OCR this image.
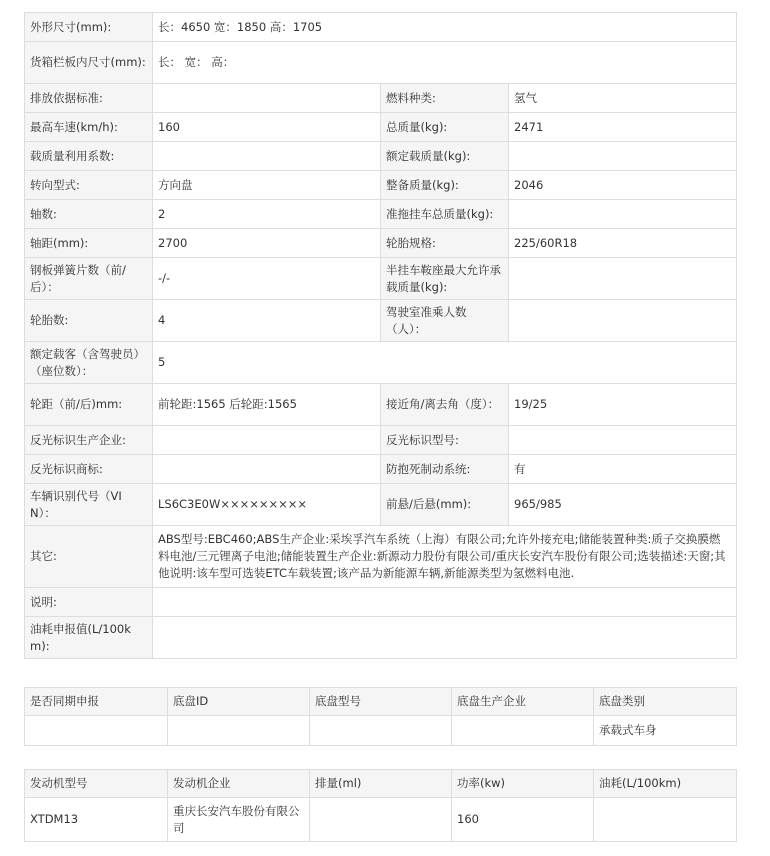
外形尺寸(mm):	长：4650 宽：1850 高：1705		
货箱栏板内尺寸(mm):	长： 宽： 高：		
排放依据标准:		燃料种类:	氢气
最高车速(km/h):	160	总质量(kg):	2471
载质量利用系数:		额定载质量(kg):	
转向型式:	方向盘	整备质量(kg):	2046
轴数:	2	准拖挂车总质量(kg):	
轴距(mm):	2700	轮胎规格:	225/60R18
钢板弹簧片数（前/后）：	-/-	半挂车鞍座最大允许承载质量(kg):	
轮胎数:	4	驾驶室准乘人数（人）：	
额定载客（含驾驶员）（座位数）：	5		
轮距（前/后)mm:	前轮距:1565 后轮距:1565	接近角/离去角（度）：	19/25
反光标识生产企业:		反光标识型号:	
反光标识商标:		防抱死制动系统:	有
车辆识别代号（VIN）：	LS6C3E0W×××××××××	前悬/后悬(mm):	965/985
其它:	ABS型号:EBC460;ABS生产企业:采埃孚汽车系统（上海）有限公司;允许外接充电;储能装置种类:质子交换膜燃料电池/三元锂离子电池;储能装置生产企业:新源动力股份有限公司/重庆长安汽车股份有限公司;选装描述:天窗;其他说明:该车型可选装ETC车载装置;该产品为新能源车辆,新能源类型为氢燃料电池.		
说明:			
油耗申报值(L/100km):			
是否同期申报	底盘ID	底盘型号	底盘生产企业	底盘类别
				承载式车身
发动机型号	发动机企业	排量(ml)	功率(kw)	油耗(L/100km)
XTDM13	重庆长安汽车股份有限公司		160	
